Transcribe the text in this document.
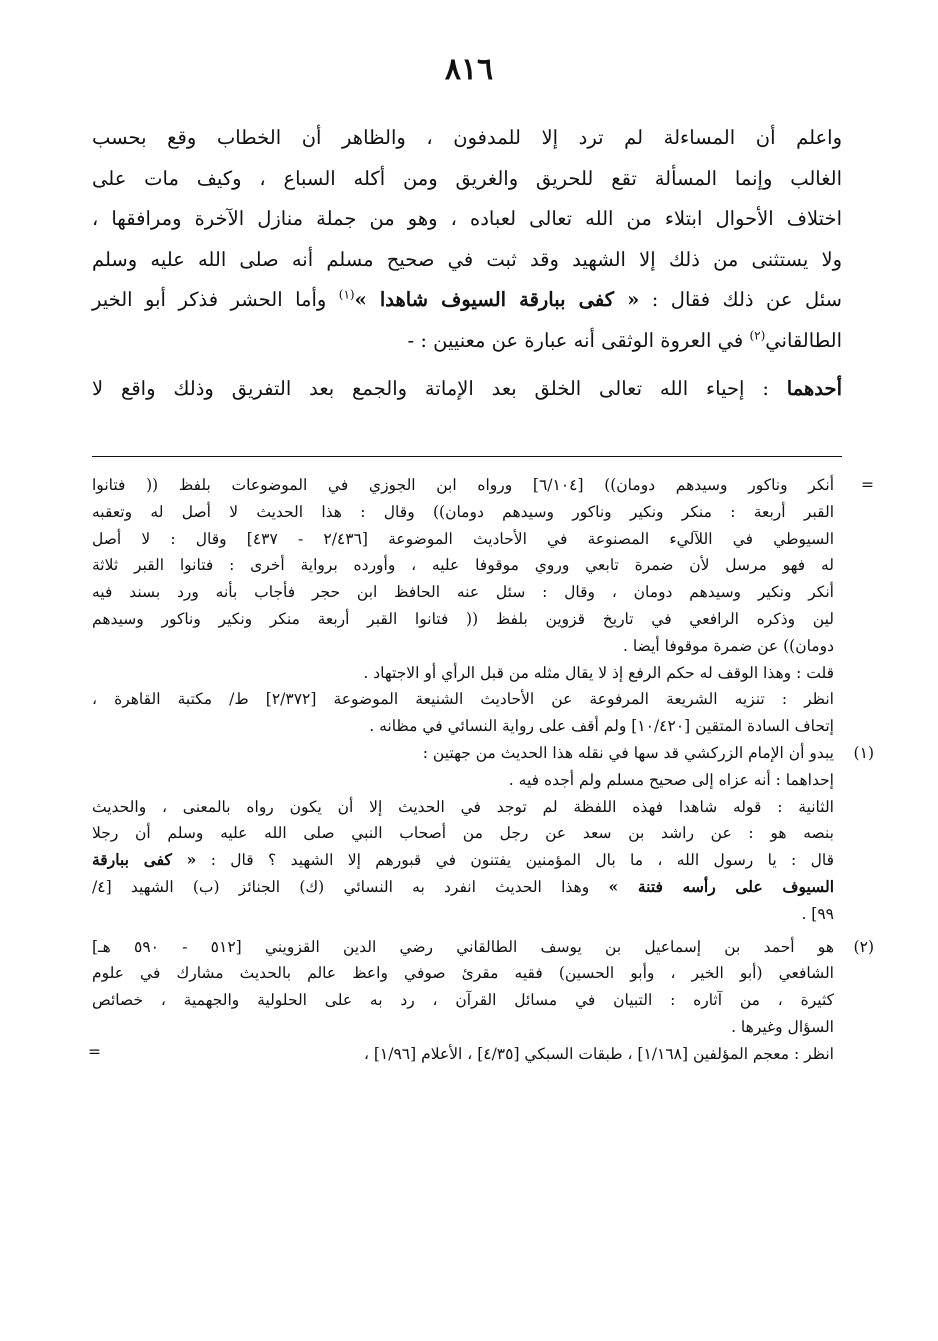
٨١٦
واعلم أن المساءلة لم ترد إلا للمدفون ، والظاهر أن الخطاب وقع بحسب
الغالب وإنما المسألة تقع للحريق والغريق ومن أكله السباع ، وكيف مات على
اختلاف الأحوال ابتلاء من الله تعالى لعباده ، وهو من جملة منازل الآخرة ومرافقها ،
ولا يستثنى من ذلك إلا الشهيد وقد ثبت في صحيح مسلم أنه صلى الله عليه وسلم
سئل عن ذلك فقال : « كفى ببارقة السيوف شاهدا »$^{(١)}$ وأما الحشر فذكر أبو الخير
الطالقاني$^{(٢)}$ في العروة الوثقى أنه عبارة عن معنيين : -
أحدهما : إحياء الله تعالى الخلق بعد الإماتة والجمع بعد التفريق وذلك واقع لا
=
أنكر وناكور وسيدهم دومان)) [٦/١٠٤] ورواه ابن الجوزي في الموضوعات بلفظ (( فتانوا
القبر أربعة : منكر ونكير وناكور وسيدهم دومان)) وقال : هذا الحديث لا أصل له وتعقبه
السيوطي في اللآليء المصنوعة في الأحاديث الموضوعة [٢/٤٣٦ - ٤٣٧] وقال : لا أصل
له فهو مرسل لأن ضمرة تابعي وروي موقوفا عليه ، وأورده برواية أخرى : فتانوا القبر ثلاثة
أنكر ونكير وسيدهم دومان ، وقال : سئل عنه الحافظ ابن حجر فأجاب بأنه ورد بسند فيه
لين وذكره الرافعي في تاريخ قزوين بلفظ (( فتانوا القبر أربعة منكر ونكير وناكور وسيدهم
دومان)) عن ضمرة موقوفا أيضا .
قلت : وهذا الوقف له حكم الرفع إذ لا يقال مثله من قبل الرأي أو الاجتهاد .
انظر : تنزيه الشريعة المرفوعة عن الأحاديث الشنيعة الموضوعة [٢/٣٧٢] ط/ مكتبة القاهرة ،
إتحاف السادة المتقين [١٠/٤٢٠] ولم أقف على رواية النسائي في مظانه .
(١)
يبدو أن الإمام الزركشي قد سها في نقله هذا الحديث من جهتين :
إحداهما : أنه عزاه إلى صحيح مسلم ولم أجده فيه .
الثانية : قوله شاهدا فهذه اللفظة لم توجد في الحديث إلا أن يكون رواه بالمعنى ، والحديث
بنصه هو : عن راشد بن سعد عن رجل من أصحاب النبي صلى الله عليه وسلم أن رجلا
قال : يا رسول الله ، ما بال المؤمنين يفتنون في قبورهم إلا الشهيد ؟ قال : « كفى ببارقة
السيوف على رأسه فتنة » وهذا الحديث انفرد به النسائي (ك) الجنائز (ب) الشهيد [٤/
٩٩] .
(٢)
هو أحمد بن إسماعيل بن يوسف الطالقاني رضي الدين القزويني [٥١٢ - ٥٩٠ هـ]
الشافعي (أبو الخير ، وأبو الحسين) فقيه مقرئ صوفي واعظ عالم بالحديث مشارك في علوم
كثيرة ، من آثاره : التبيان في مسائل القرآن ، رد به على الحلولية والجهمية ، خصائص
السؤال وغيرها .
انظر : معجم المؤلفين [١/١٦٨] ، طبقات السبكي [٤/٣٥] ، الأعلام [١/٩٦] ،
=
